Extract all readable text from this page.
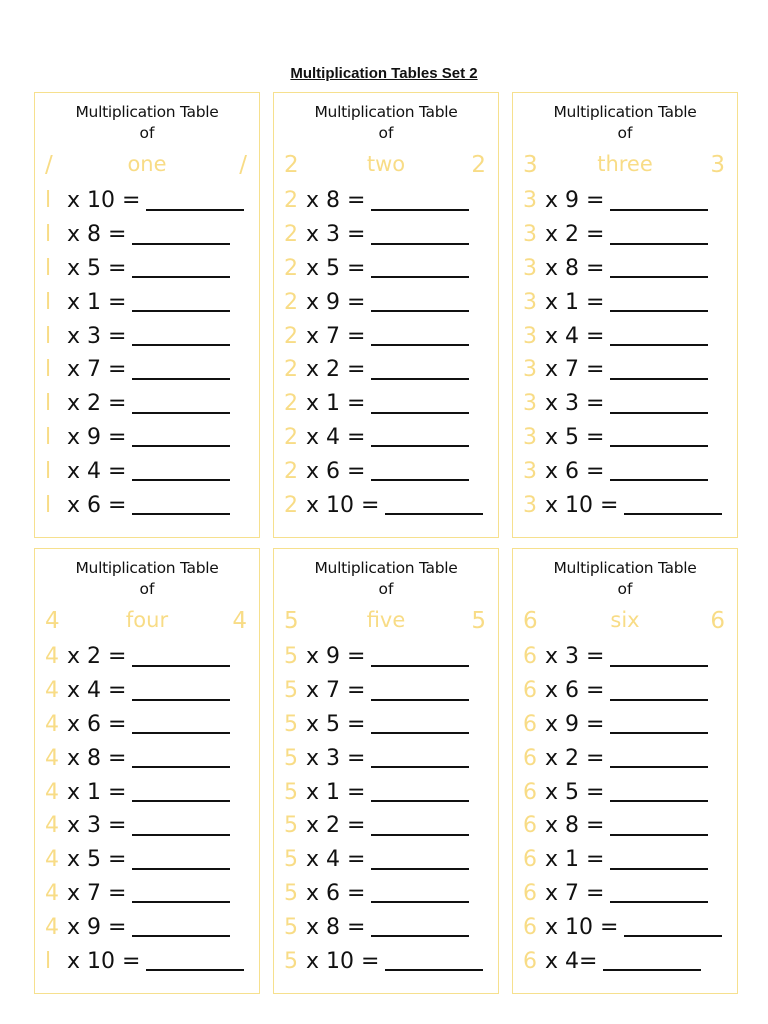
Multiplication Tables Set 2
Multiplication Table
of
/	one	/
l x 10 =
l x 8 =
l x 5 =
l x 1 =
l x 3 =
l x 7 =
l x 2 =
l x 9 =
l x 4 =
l x 6 =
Multiplication Table
of
2	two	2
2 x 8 =
2 x 3 =
2 x 5 =
2 x 9 =
2 x 7 =
2 x 2 =
2 x 1 =
2 x 4 =
2 x 6 =
2 x 10 =
Multiplication Table
of
3	three	3
3 x 9 =
3 x 2 =
3 x 8 =
3 x 1 =
3 x 4 =
3 x 7 =
3 x 3 =
3 x 5 =
3 x 6 =
3 x 10 =
Multiplication Table
of
4	four	4
4 x 2 =
4 x 4 =
4 x 6 =
4 x 8 =
4 x 1 =
4 x 3 =
4 x 5 =
4 x 7 =
4 x 9 =
l x 10 =
Multiplication Table
of
5	five	5
5 x 9 =
5 x 7 =
5 x 5 =
5 x 3 =
5 x 1 =
5 x 2 =
5 x 4 =
5 x 6 =
5 x 8 =
5 x 10 =
Multiplication Table
of
6	six	6
6 x 3 =
6 x 6 =
6 x 9 =
6 x 2 =
6 x 5 =
6 x 8 =
6 x 1 =
6 x 7 =
6 x 10 =
6 x 4=
